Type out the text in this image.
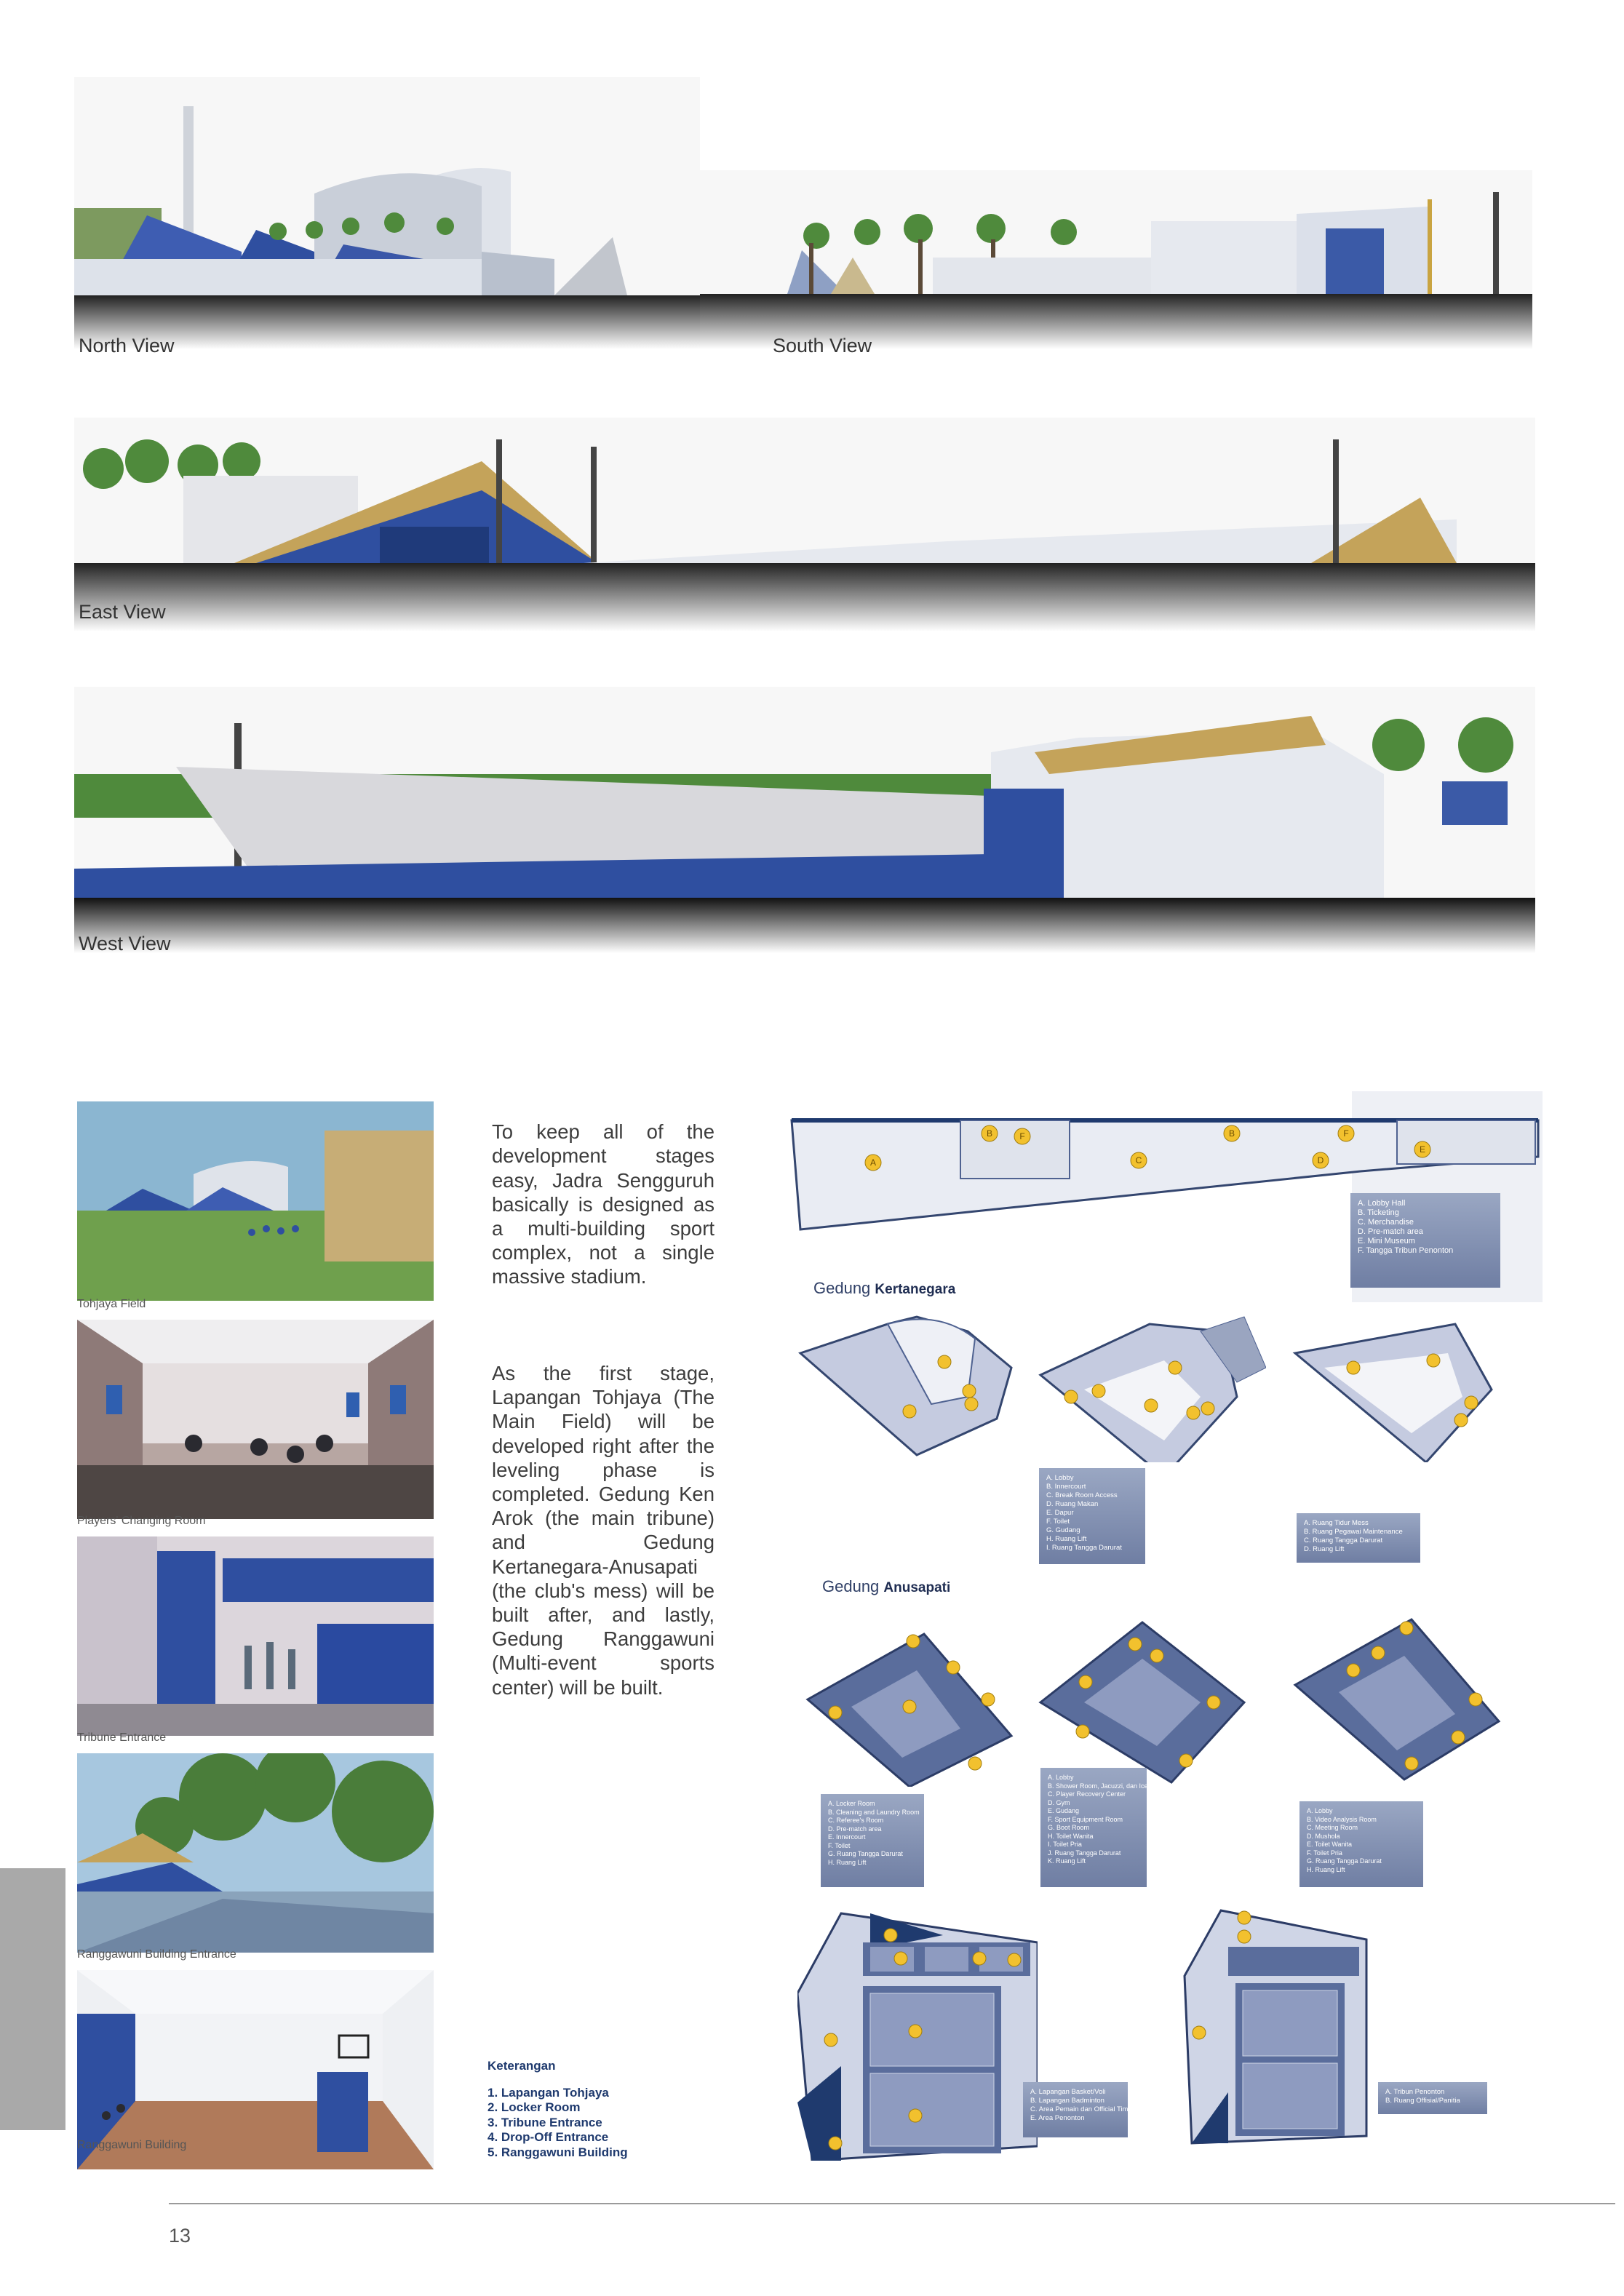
North View	South View
East View
West View
Tohjaya Field
Players' Changing Room
Tribune Entrance
Ranggawuni Building Entrance
Ranggawuni Building

To keep all of the development stages easy, Jadra Sengguruh basically is designed as a multi-building sport complex, not a single massive stadium.

As the first stage, Lapangan Tohjaya (The Main Field) will be developed right after the leveling phase is completed. Gedung Ken Arok (the main tribune) and Gedung Kertanegara-Anusapati (the club's mess) will be built after, and lastly, Gedung Ranggawuni (Multi-event sports center) will be built.

A
B	F
C
B	F
D
E
A. Lobby Hall
B. Ticketing
C. Merchandise
D. Pre-match area
E. Mini Museum
F. Tangga Tribun Penonton
Gedung Kertanegara
A. Lobby
B. Innercourt
C. Break Room Access
D. Ruang Makan
E. Dapur
F. Toilet
G. Gudang
H. Ruang Lift
I. Ruang Tangga Darurat
A. Ruang Tidur Mess
B. Ruang Pegawai Maintenance
C. Ruang Tangga Darurat
D. Ruang Lift
Gedung Anusapati
A. Locker Room
B. Cleaning and Laundry Room
C. Referee's Room
D. Pre-match area
E. Innercourt
F. Toilet
G. Ruang Tangga Darurat
H. Ruang Lift
A. Lobby
B. Shower Room, Jacuzzi, dan Ice Bath Room
C. Player Recovery Center
D. Gym
E. Gudang
F. Sport Equipment Room
G. Boot Room
H. Toilet Wanita
I. Toilet Pria
J. Ruang Tangga Darurat
K. Ruang Lift
A. Lobby
B. Video Analysis Room
C. Meeting Room
D. Mushola
E. Toilet Wanita
F. Toilet Pria
G. Ruang Tangga Darurat
H. Ruang Lift
A. Lapangan Basket/Voli
B. Lapangan Badminton
C. Area Pemain dan Official Tim
E. Area Penonton
A. Tribun Penonton
B. Ruang Offisial/Panitia
Keterangan
1. Lapangan Tohjaya
2. Locker Room
3. Tribune Entrance
4. Drop-Off Entrance
5. Ranggawuni Building
13
